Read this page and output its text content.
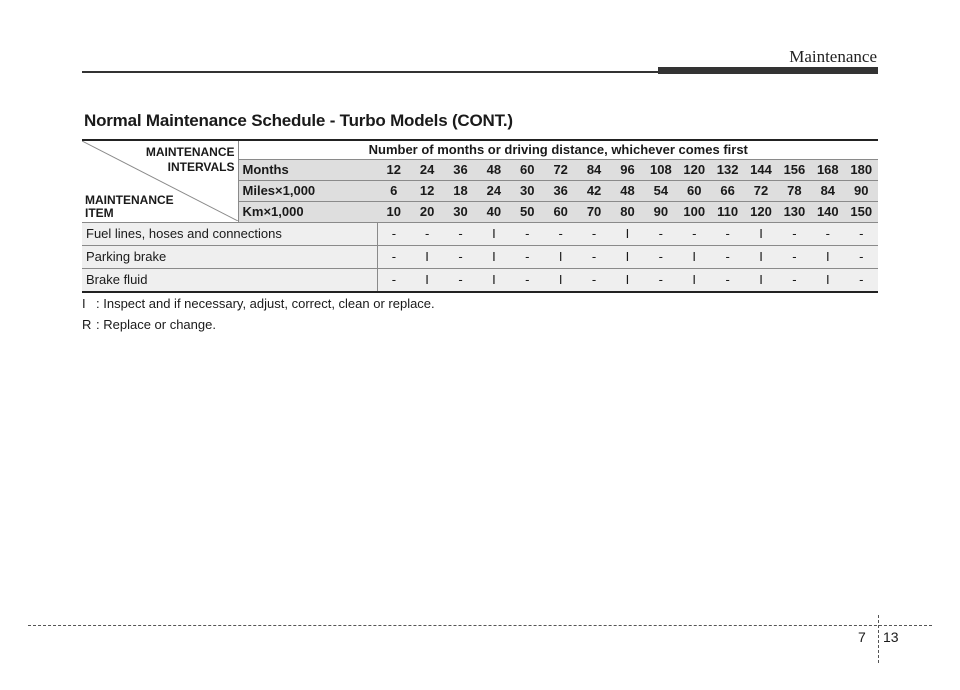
Maintenance
Normal Maintenance Schedule - Turbo Models (CONT.)
MAINTENANCE
INTERVALS
MAINTENANCE
ITEM	Number of months or driving distance, whichever comes first															
	Months	12	24	36	48	60	72	84	96	108	120	132	144	156	168	180
	Miles×1,000	6	12	18	24	30	36	42	48	54	60	66	72	78	84	90
	Km×1,000	10	20	30	40	50	60	70	80	90	100	110	120	130	140	150
Fuel lines, hoses and connections		-	-	-	I	-	-	-	I	-	-	-	I	-	-	-
Parking brake		-	I	-	I	-	I	-	I	-	I	-	I	-	I	-
Brake fluid		-	I	-	I	-	I	-	I	-	I	-	I	-	I	-
I : Inspect and if necessary, adjust, correct, clean or replace.
R : Replace or change.
7 13
